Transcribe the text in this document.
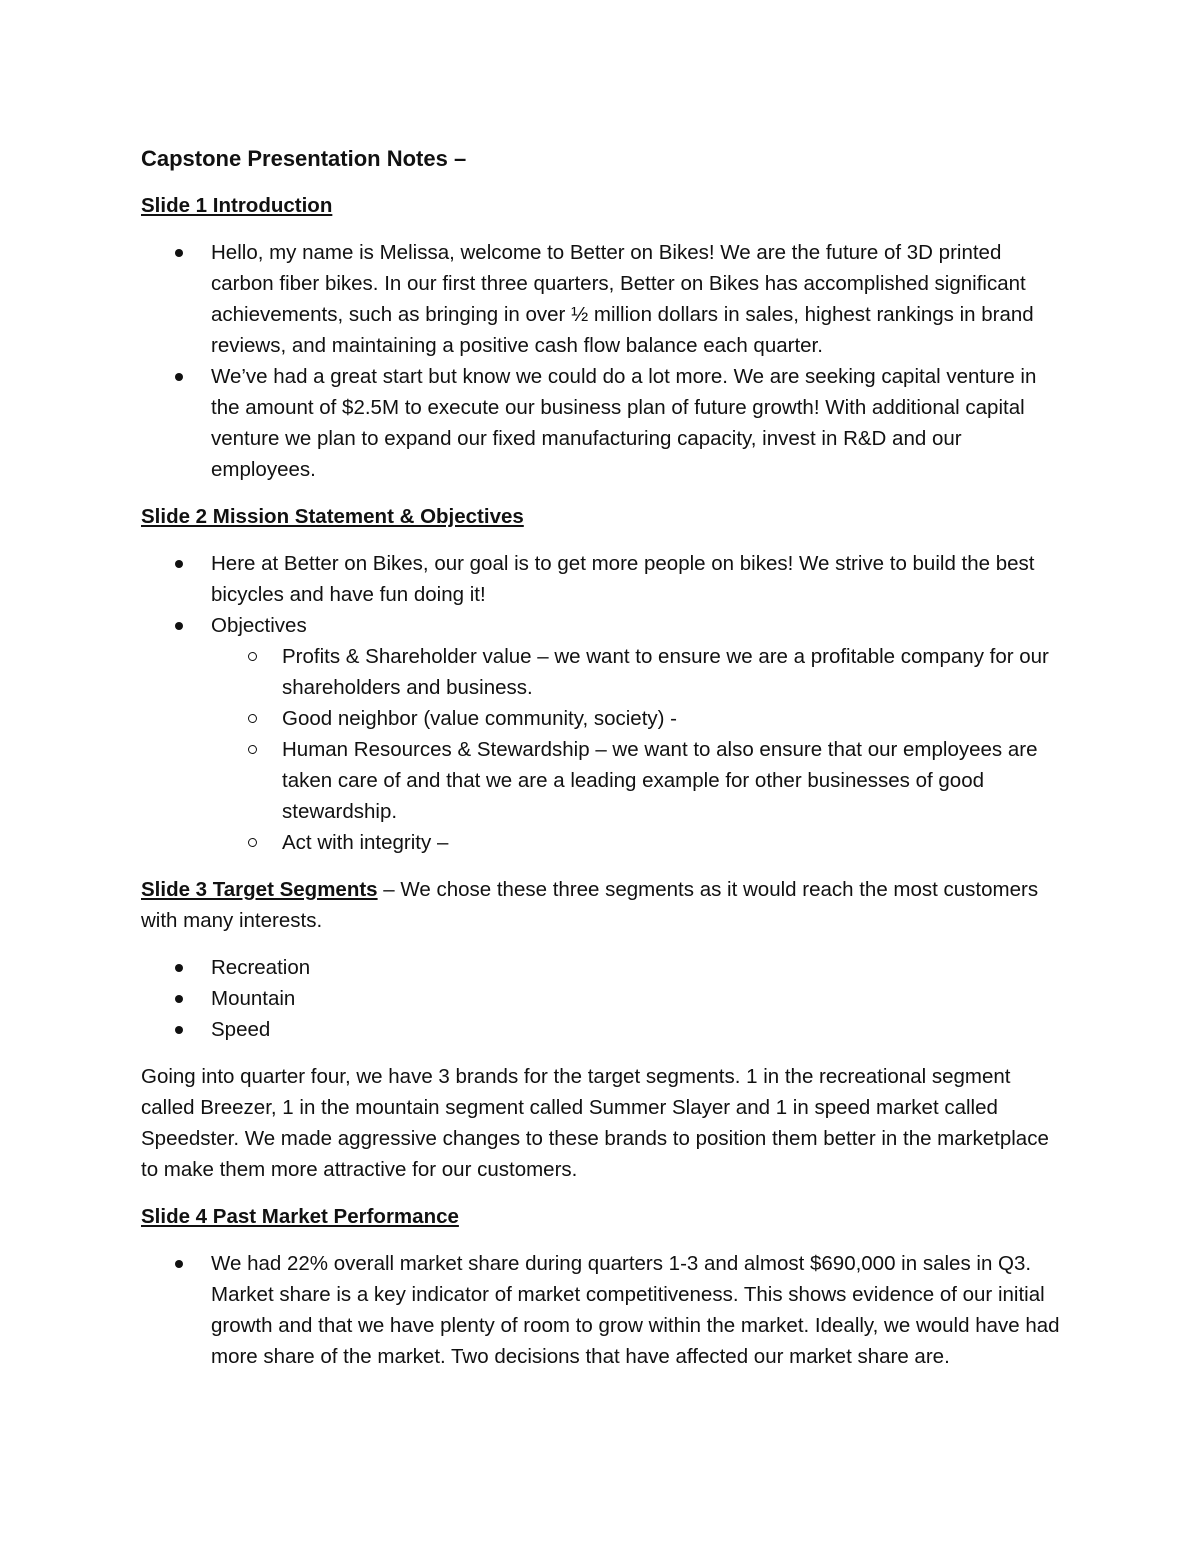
Capstone Presentation Notes –
Slide 1 Introduction
Hello, my name is Melissa, welcome to Better on Bikes! We are the future of 3D printed carbon fiber bikes. In our first three quarters, Better on Bikes has accomplished significant achievements, such as bringing in over ½ million dollars in sales, highest rankings in brand reviews, and maintaining a positive cash flow balance each quarter.
We’ve had a great start but know we could do a lot more. We are seeking capital venture in the amount of $2.5M to execute our business plan of future growth! With additional capital venture we plan to expand our fixed manufacturing capacity, invest in R&D and our employees.
Slide 2 Mission Statement & Objectives
Here at Better on Bikes, our goal is to get more people on bikes! We strive to build the best bicycles and have fun doing it!
Objectives
Profits & Shareholder value – we want to ensure we are a profitable company for our shareholders and business.
Good neighbor (value community, society) -
Human Resources & Stewardship – we want to also ensure that our employees are taken care of and that we are a leading example for other businesses of good stewardship.
Act with integrity –
Slide 3 Target Segments – We chose these three segments as it would reach the most customers with many interests.
Recreation
Mountain
Speed

Going into quarter four, we have 3 brands for the target segments. 1 in the recreational segment called Breezer, 1 in the mountain segment called Summer Slayer and 1 in speed market called Speedster. We made aggressive changes to these brands to position them better in the marketplace to make them more attractive for our customers.

Slide 4 Past Market Performance
We had 22% overall market share during quarters 1-3 and almost $690,000 in sales in Q3. Market share is a key indicator of market competitiveness. This shows evidence of our initial growth and that we have plenty of room to grow within the market. Ideally, we would have had more share of the market. Two decisions that have affected our market share are.
